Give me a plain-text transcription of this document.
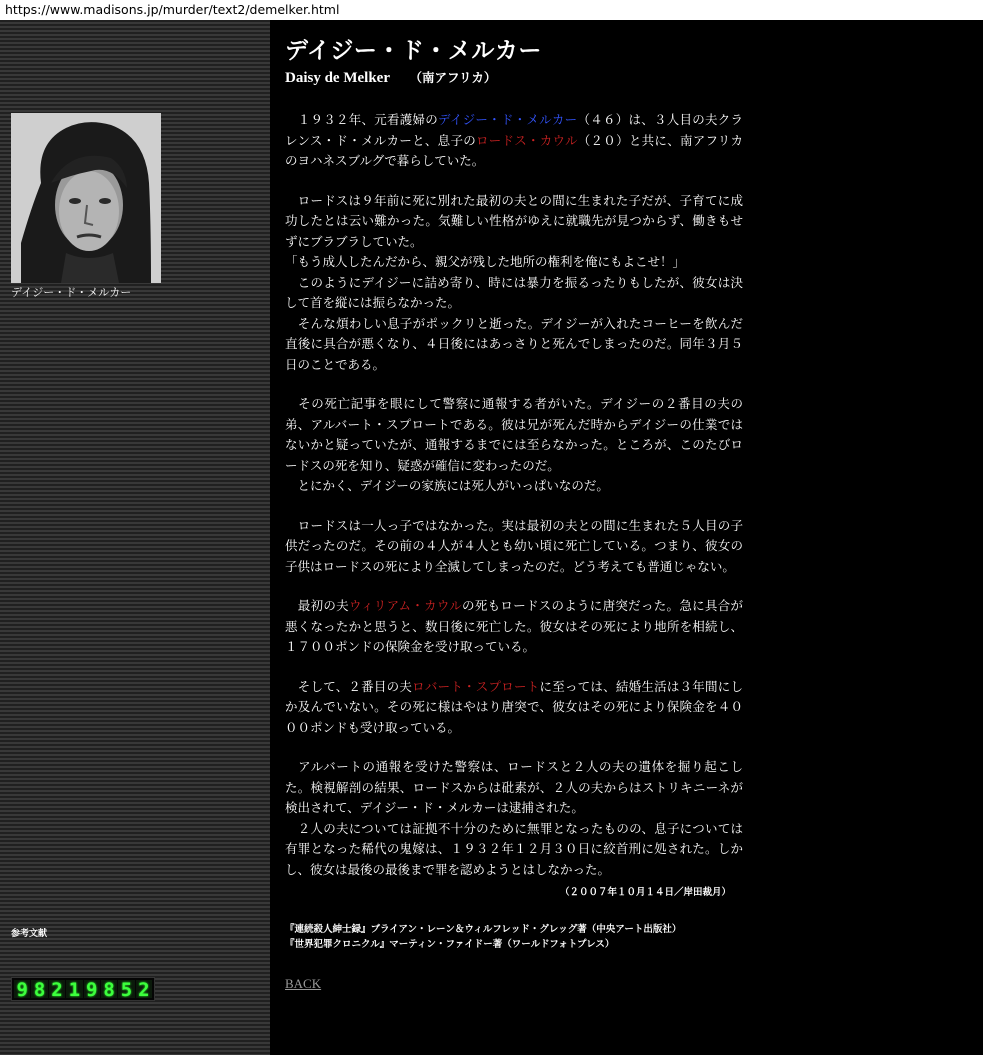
https://www.madisons.jp/murder/text2/demelker.html
デイジー・ド・メルカー
参考文献
9 8 2 1 9 8 5 2
デイジー・ド・メルカー
Daisy de Melker （南アフリカ）

　１９３２年、元看護婦のデイジー・ド・メルカー（４６）は、３人目の夫クラレンス・ド・メルカーと、息子のロードス・カウル（２０）と共に、南アフリカのヨハネスブルグで暮らしていた。

　ロードスは９年前に死に別れた最初の夫との間に生まれた子だが、子育てに成功したとは云い難かった。気難しい性格がゆえに就職先が見つからず、働きもせずにブラブラしていた。
「もう成人したんだから、親父が残した地所の権利を俺にもよこせ！」
　このようにデイジーに詰め寄り、時には暴力を振るったりもしたが、彼女は決して首を縦には振らなかった。
　そんな煩わしい息子がポックリと逝った。デイジーが入れたコーヒーを飲んだ直後に具合が悪くなり、４日後にはあっさりと死んでしまったのだ。同年３月５日のことである。

　その死亡記事を眼にして警察に通報する者がいた。デイジーの２番目の夫の弟、アルバート・スプロートである。彼は兄が死んだ時からデイジーの仕業ではないかと疑っていたが、通報するまでには至らなかった。ところが、このたびロードスの死を知り、疑惑が確信に変わったのだ。
　とにかく、デイジーの家族には死人がいっぱいなのだ。

　ロードスは一人っ子ではなかった。実は最初の夫との間に生まれた５人目の子供だったのだ。その前の４人が４人とも幼い頃に死亡している。つまり、彼女の子供はロードスの死により全滅してしまったのだ。どう考えても普通じゃない。

　最初の夫ウィリアム・カウルの死もロードスのように唐突だった。急に具合が悪くなったかと思うと、数日後に死亡した。彼女はその死により地所を相続し、１７００ポンドの保険金を受け取っている。

　そして、２番目の夫ロバート・スプロートに至っては、結婚生活は３年間にしか及んでいない。その死に様はやはり唐突で、彼女はその死により保険金を４０００ポンドも受け取っている。

　アルバートの通報を受けた警察は、ロードスと２人の夫の遺体を掘り起こした。検視解剖の結果、ロードスからは砒素が、２人の夫からはストリキニーネが検出されて、デイジー・ド・メルカーは逮捕された。
　２人の夫については証拠不十分のために無罪となったものの、息子については有罪となった稀代の鬼嫁は、１９３２年１２月３０日に絞首刑に処された。しかし、彼女は最後の最後まで罪を認めようとはしなかった。

（２００７年１０月１４日／岸田裁月）
『連続殺人紳士録』ブライアン・レーン＆ウィルフレッド・グレッグ著（中央アート出版社）
『世界犯罪クロニクル』マーティン・ファイドー著（ワールドフォトプレス）
BACK
